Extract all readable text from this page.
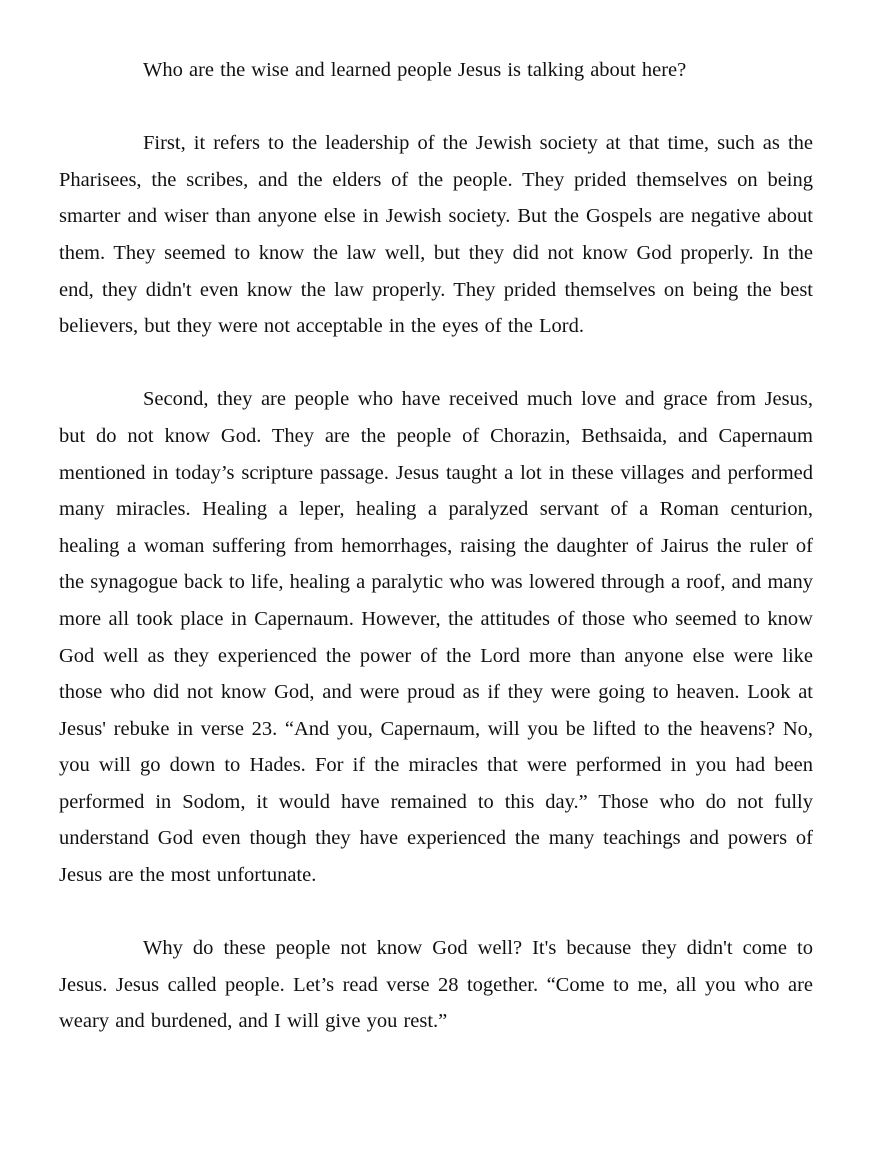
Who are the wise and learned people Jesus is talking about here?

First, it refers to the leadership of the Jewish society at that time, such as the Pharisees, the scribes, and the elders of the people. They prided themselves on being smarter and wiser than anyone else in Jewish society. But the Gospels are negative about them. They seemed to know the law well, but they did not know God properly. In the end, they didn't even know the law properly. They prided themselves on being the best believers, but they were not acceptable in the eyes of the Lord.

Second, they are people who have received much love and grace from Jesus, but do not know God. They are the people of Chorazin, Bethsaida, and Capernaum mentioned in today’s scripture passage. Jesus taught a lot in these villages and performed many miracles. Healing a leper, healing a paralyzed servant of a Roman centurion, healing a woman suffering from hemorrhages, raising the daughter of Jairus the ruler of the synagogue back to life, healing a paralytic who was lowered through a roof, and many more all took place in Capernaum. However, the attitudes of those who seemed to know God well as they experienced the power of the Lord more than anyone else were like those who did not know God, and were proud as if they were going to heaven. Look at Jesus' rebuke in verse 23. “And you, Capernaum, will you be lifted to the heavens? No, you will go down to Hades. For if the miracles that were performed in you had been performed in Sodom, it would have remained to this day.” Those who do not fully understand God even though they have experienced the many teachings and powers of Jesus are the most unfortunate.

Why do these people not know God well? It's because they didn't come to Jesus. Jesus called people. Let’s read verse 28 together. “Come to me, all you who are weary and burdened, and I will give you rest.”
